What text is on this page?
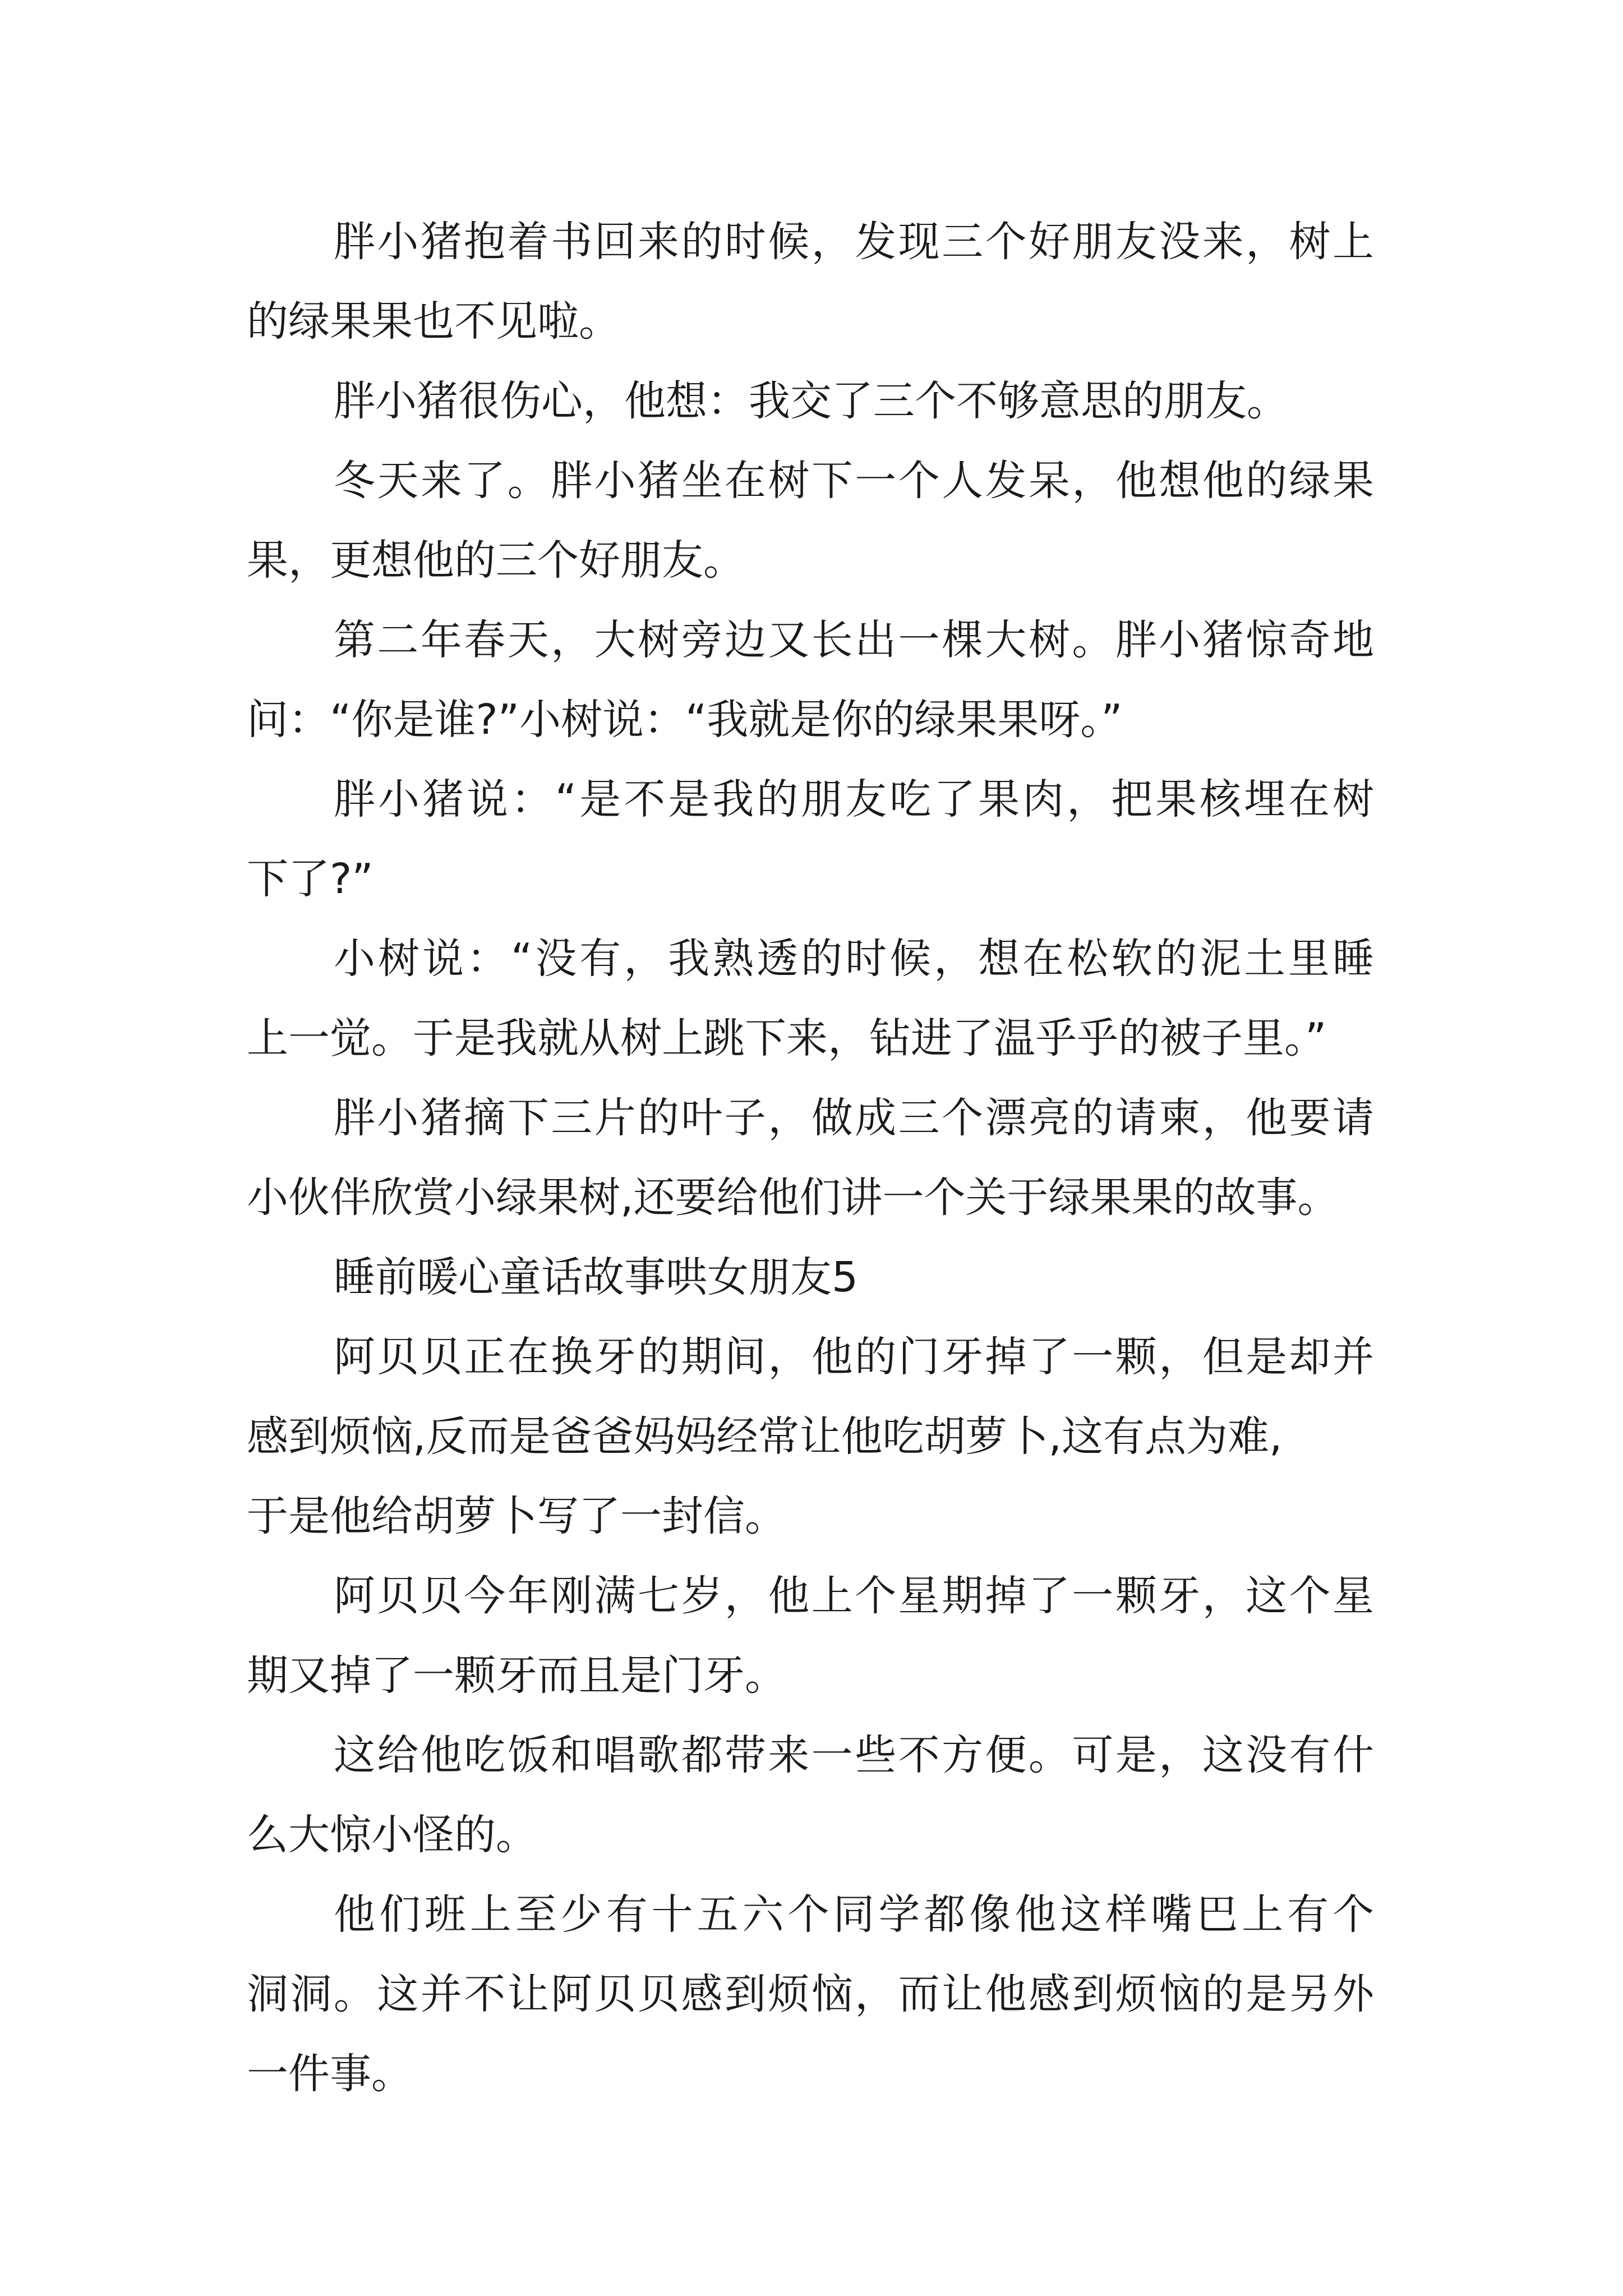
胖小猪抱着书回来的时候，发现三个好朋友没来，树上
的绿果果也不见啦。
胖小猪很伤心，他想：我交了三个不够意思的朋友。
冬天来了。胖小猪坐在树下一个人发呆，他想他的绿果
果，更想他的三个好朋友。
第二年春天，大树旁边又长出一棵大树。胖小猪惊奇地
问：“你是谁?”小树说：“我就是你的绿果果呀。”
胖小猪说：“是不是我的朋友吃了果肉，把果核埋在树
下了?”
小树说：“没有，我熟透的时候，想在松软的泥土里睡
上一觉。于是我就从树上跳下来，钻进了温乎乎的被子里。”
胖小猪摘下三片的叶子，做成三个漂亮的请柬，他要请
小伙伴欣赏小绿果树,还要给他们讲一个关于绿果果的故事。
睡前暖心童话故事哄女朋友5
阿贝贝正在换牙的期间，他的门牙掉了一颗，但是却并
感到烦恼,反而是爸爸妈妈经常让他吃胡萝卜,这有点为难,
于是他给胡萝卜写了一封信。
阿贝贝今年刚满七岁，他上个星期掉了一颗牙，这个星
期又掉了一颗牙而且是门牙。
这给他吃饭和唱歌都带来一些不方便。可是，这没有什
么大惊小怪的。
他们班上至少有十五六个同学都像他这样嘴巴上有个
洞洞。这并不让阿贝贝感到烦恼，而让他感到烦恼的是另外
一件事。
